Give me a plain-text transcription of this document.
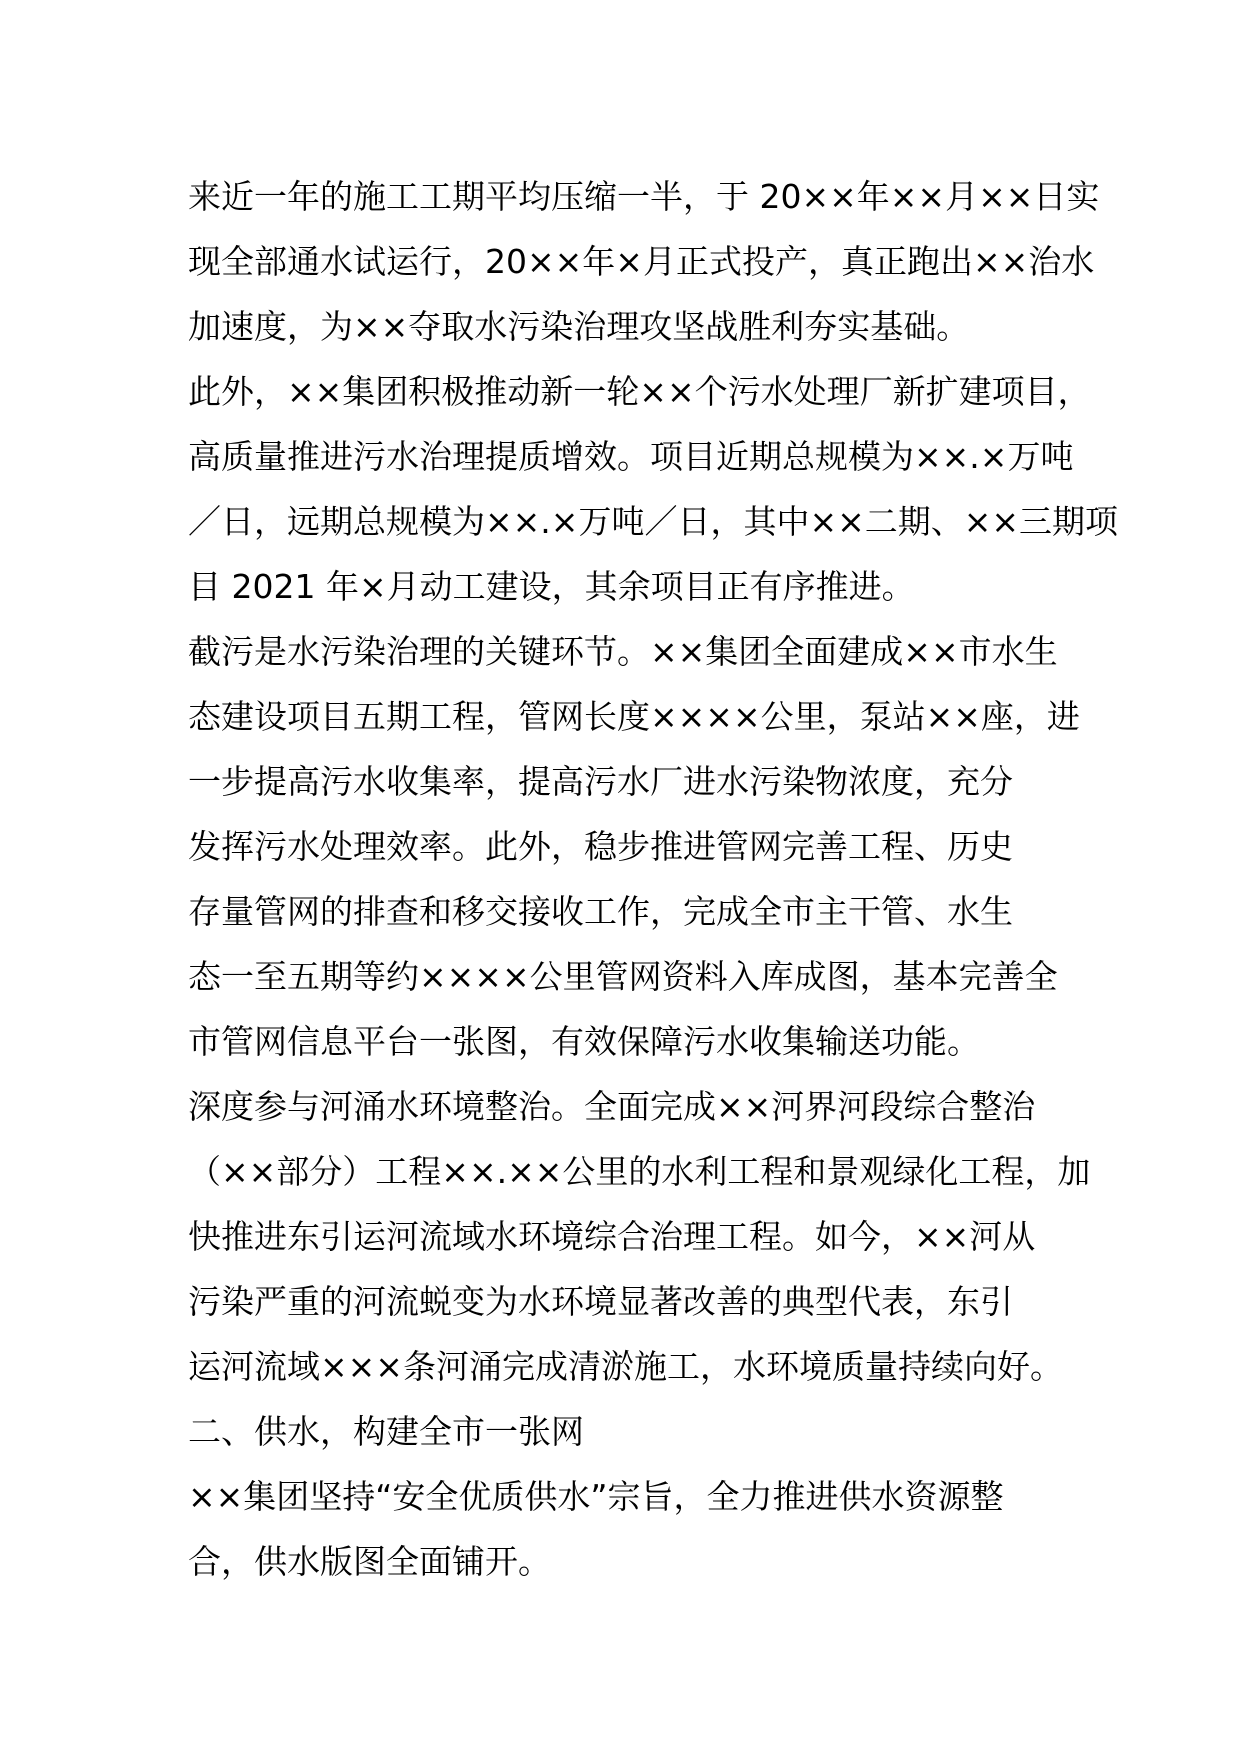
来近一年的施工工期平均压缩一半，于 20××年××月××日实
现全部通水试运行，20××年×月正式投产，真正跑出××治水
加速度，为××夺取水污染治理攻坚战胜利夯实基础。
此外，××集团积极推动新一轮××个污水处理厂新扩建项目，
高质量推进污水治理提质增效。项目近期总规模为××.×万吨
／日，远期总规模为××.×万吨／日，其中××二期、××三期项
目 2021 年×月动工建设，其余项目正有序推进。
截污是水污染治理的关键环节。××集团全面建成××市水生
态建设项目五期工程，管网长度××××公里，泵站××座，进
一步提高污水收集率，提高污水厂进水污染物浓度，充分
发挥污水处理效率。此外，稳步推进管网完善工程、历史
存量管网的排查和移交接收工作，完成全市主干管、水生
态一至五期等约××××公里管网资料入库成图，基本完善全
市管网信息平台一张图，有效保障污水收集输送功能。
深度参与河涌水环境整治。全面完成××河界河段综合整治
（××部分）工程××.××公里的水利工程和景观绿化工程，加
快推进东引运河流域水环境综合治理工程。如今，××河从
污染严重的河流蜕变为水环境显著改善的典型代表，东引
运河流域×××条河涌完成清淤施工，水环境质量持续向好。
二、供水，构建全市一张网
××集团坚持“安全优质供水”宗旨，全力推进供水资源整
合，供水版图全面铺开。
